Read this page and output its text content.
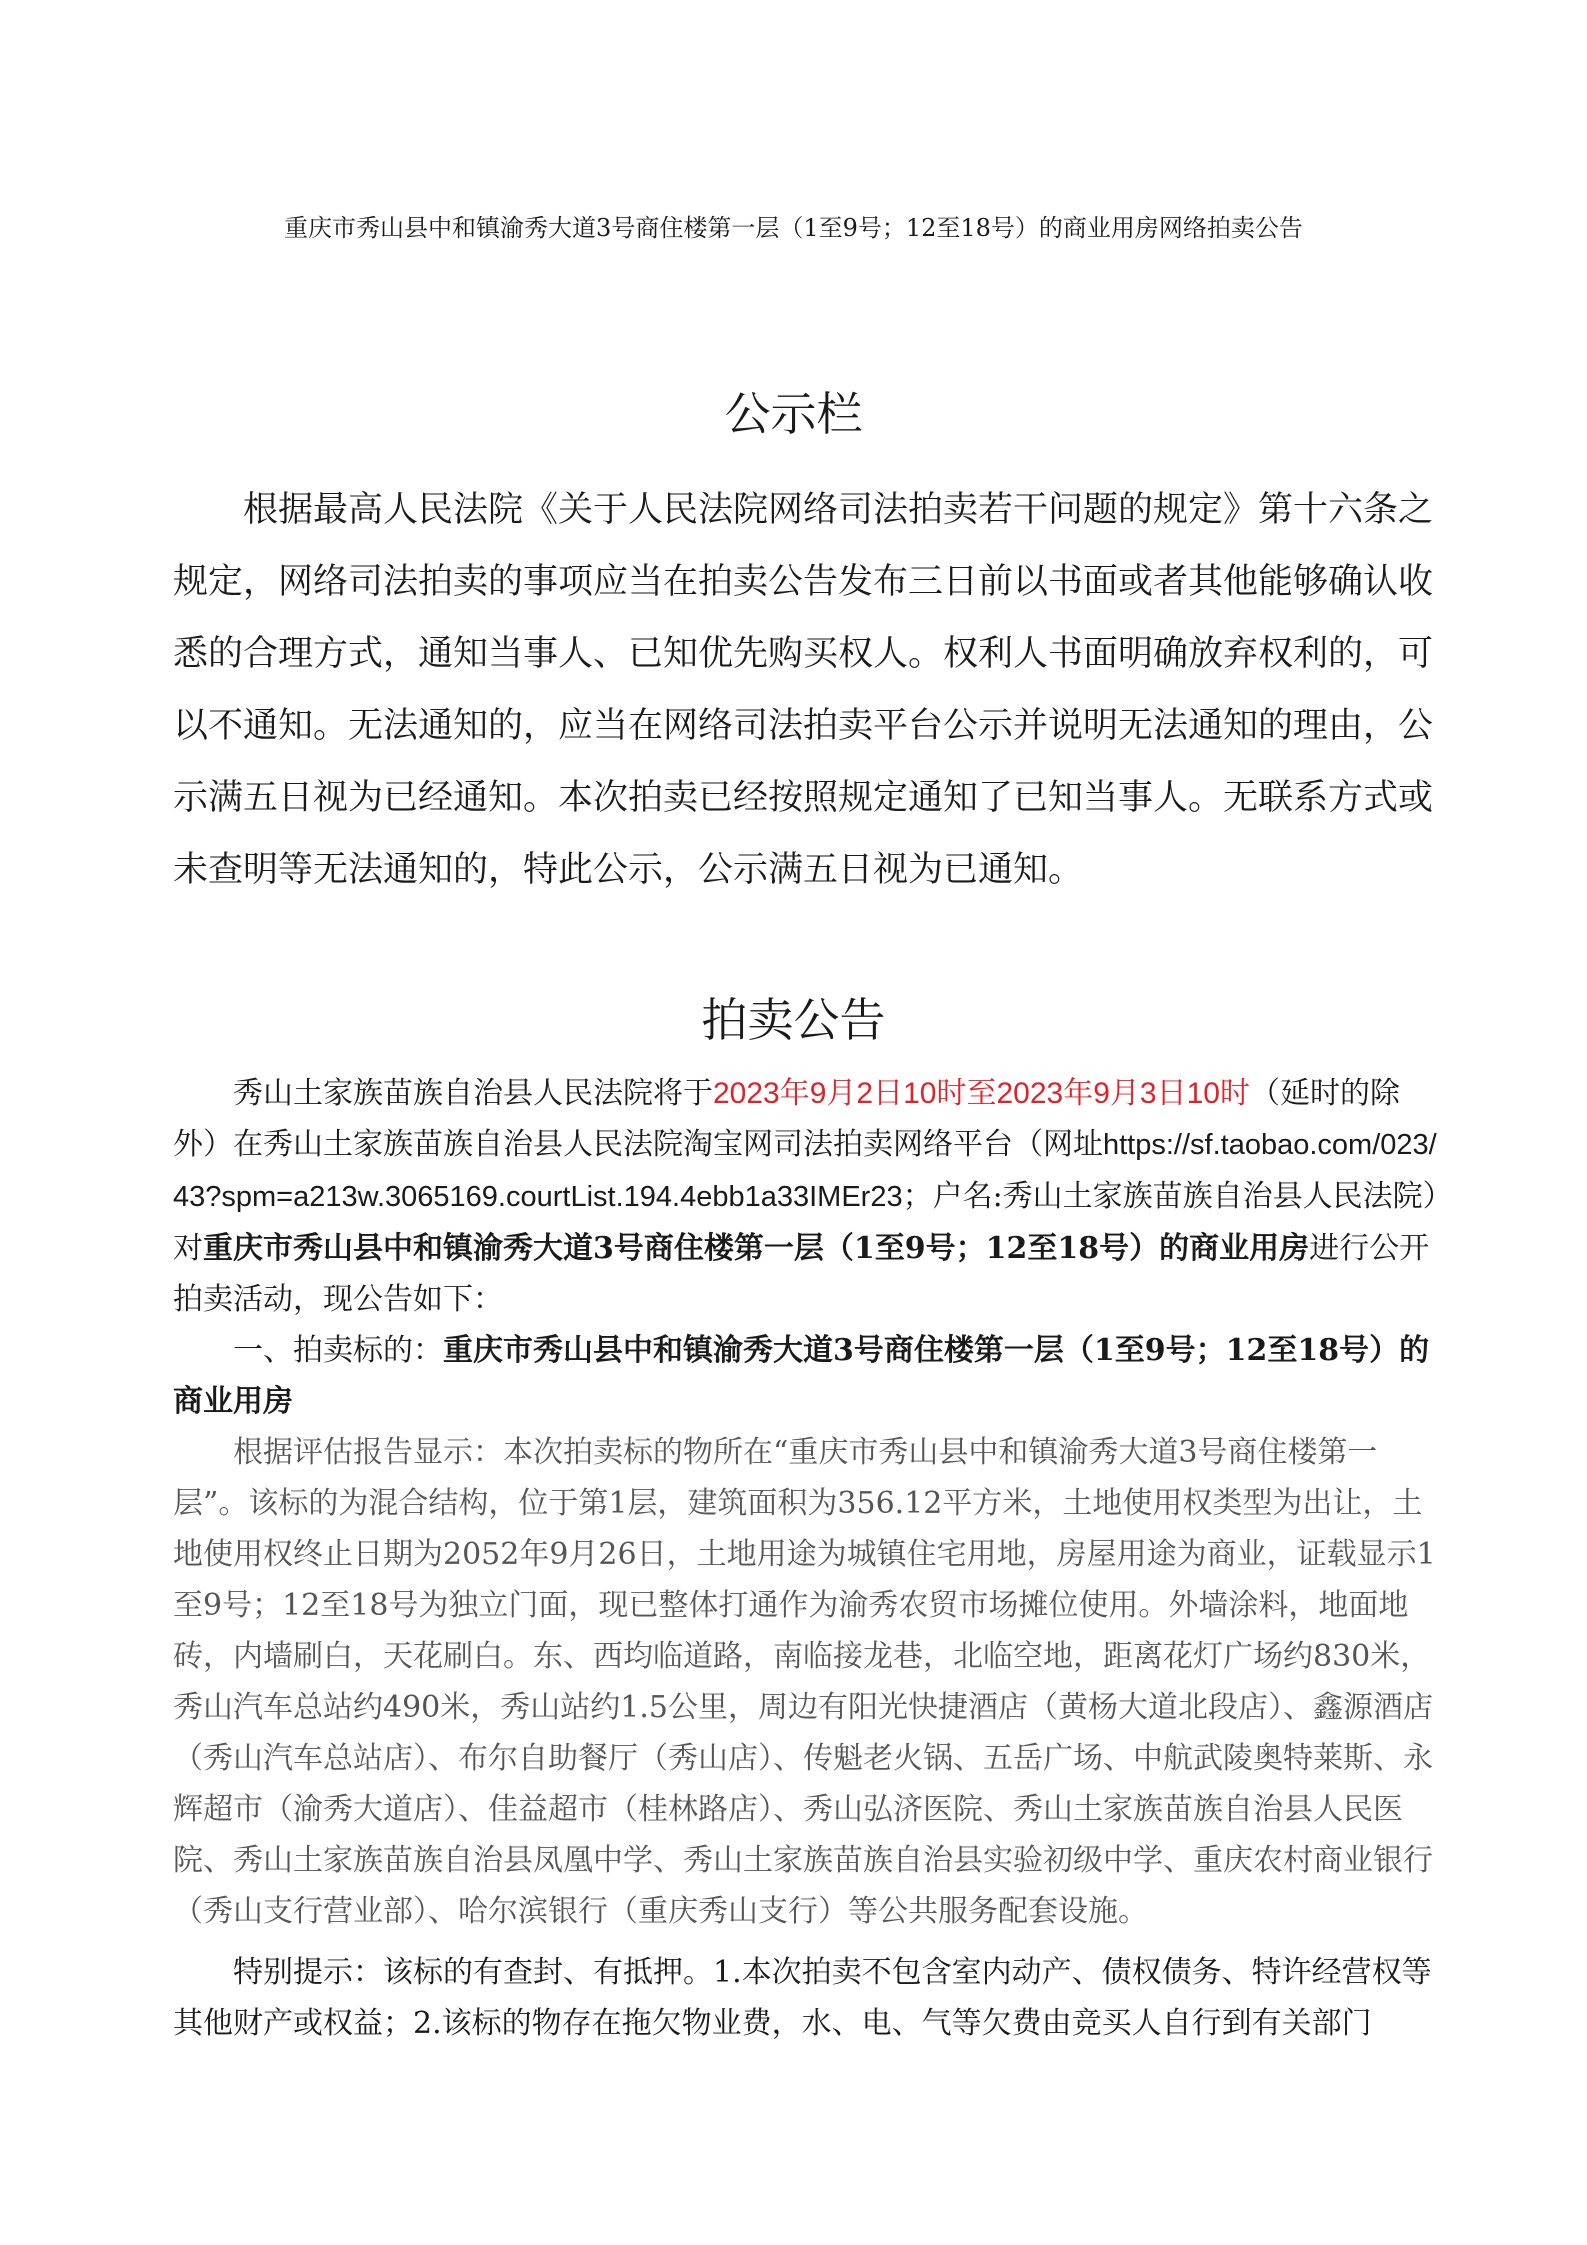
重庆市秀山县中和镇渝秀大道3号商住楼第一层（1至9号；12至18号）的商业用房网络拍卖公告
公示栏

根据最高人民法院《关于人民法院网络司法拍卖若干问题的规定》第十六条之规定，网络司法拍卖的事项应当在拍卖公告发布三日前以书面或者其他能够确认收悉的合理方式，通知当事人、已知优先购买权人。权利人书面明确放弃权利的，可以不通知。无法通知的，应当在网络司法拍卖平台公示并说明无法通知的理由，公示满五日视为已经通知。本次拍卖已经按照规定通知了已知当事人。无联系方式或未查明等无法通知的，特此公示，公示满五日视为已通知。

拍卖公告

秀山土家族苗族自治县人民法院将于2023年9月2日10时至2023年9月3日10时（延时的除外）在秀山土家族苗族自治县人民法院淘宝网司法拍卖网络平台（网址https://sf.taobao.com/023/43?spm=a213w.3065169.courtList.194.4ebb1a33IMEr23；户名:秀山土家族苗族自治县人民法院）对重庆市秀山县中和镇渝秀大道3号商住楼第一层（1至9号；12至18号）的商业用房进行公开拍卖活动，现公告如下：

一、拍卖标的：重庆市秀山县中和镇渝秀大道3号商住楼第一层（1至9号；12至18号）的商业用房

根据评估报告显示：本次拍卖标的物所在“重庆市秀山县中和镇渝秀大道3号商住楼第一层”。该标的为混合结构，位于第1层，建筑面积为356.12平方米，土地使用权类型为出让，土地使用权终止日期为2052年9月26日，土地用途为城镇住宅用地，房屋用途为商业，证载显示1至9号；12至18号为独立门面，现已整体打通作为渝秀农贸市场摊位使用。外墙涂料，地面地砖，内墙刷白，天花刷白。东、西均临道路，南临接龙巷，北临空地，距离花灯广场约830米，秀山汽车总站约490米，秀山站约1.5公里，周边有阳光快捷酒店（黄杨大道北段店）、鑫源酒店（秀山汽车总站店）、布尔自助餐厅（秀山店）、传魁老火锅、五岳广场、中航武陵奥特莱斯、永辉超市（渝秀大道店）、佳益超市（桂林路店）、秀山弘济医院、秀山土家族苗族自治县人民医院、秀山土家族苗族自治县凤凰中学、秀山土家族苗族自治县实验初级中学、重庆农村商业银行（秀山支行营业部）、哈尔滨银行（重庆秀山支行）等公共服务配套设施。

特别提示：该标的有查封、有抵押。1.本次拍卖不包含室内动产、债权债务、特许经营权等其他财产或权益；2.该标的物存在拖欠物业费，水、电、气等欠费由竞买人自行到有关部门
